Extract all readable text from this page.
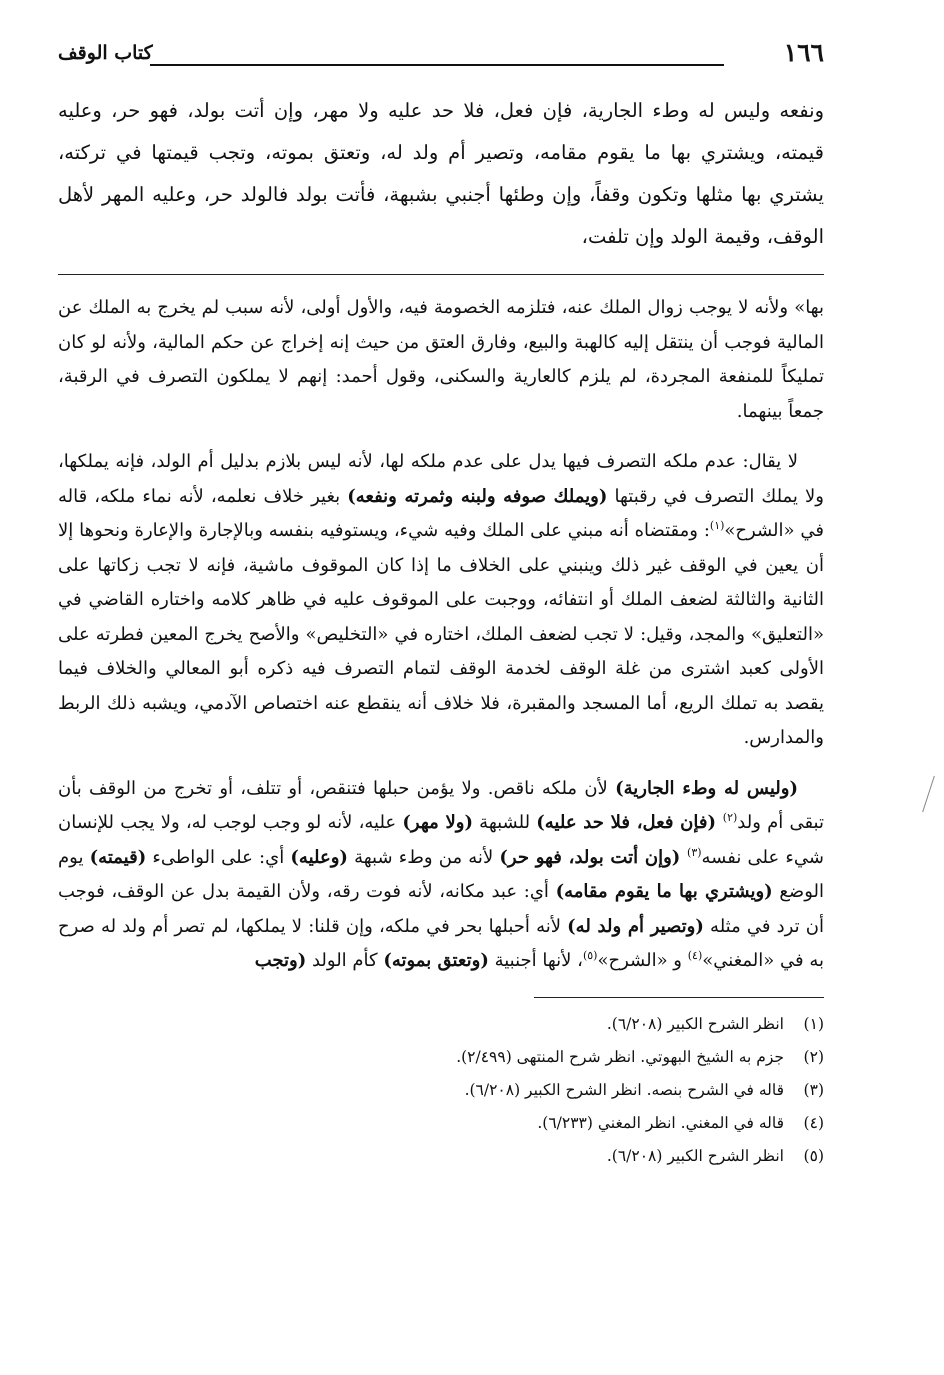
١٦٦
كتاب الوقف

ونفعه وليس له وطء الجارية، فإن فعل، فلا حد عليه ولا مهر، وإن أتت بولد، فهو حر، وعليه قيمته، ويشتري بها ما يقوم مقامه، وتصير أم ولد له، وتعتق بموته، وتجب قيمتها في تركته، يشتري بها مثلها وتكون وقفاً، وإن وطئها أجنبي بشبهة، فأتت بولد فالولد حر، وعليه المهر لأهل الوقف، وقيمة الولد وإن تلفت،

بها» ولأنه لا يوجب زوال الملك عنه، فتلزمه الخصومة فيه، والأول أولى، لأنه سبب لم يخرج به الملك عن المالية فوجب أن ينتقل إليه كالهبة والبيع، وفارق العتق من حيث إنه إخراج عن حكم المالية، ولأنه لو كان تمليكاً للمنفعة المجردة، لم يلزم كالعارية والسكنى، وقول أحمد: إنهم لا يملكون التصرف في الرقبة، جمعاً بينهما.

لا يقال: عدم ملكه التصرف فيها يدل على عدم ملكه لها، لأنه ليس بلازم بدليل أم الولد، فإنه يملكها، ولا يملك التصرف في رقبتها (ويملك صوفه ولبنه وثمرته ونفعه) بغير خلاف نعلمه، لأنه نماء ملكه، قاله في «الشرح»$^{(١)}$: ومقتضاه أنه مبني على الملك وفيه شيء، ويستوفيه بنفسه وبالإجارة والإعارة ونحوها إلا أن يعين في الوقف غير ذلك وينبني على الخلاف ما إذا كان الموقوف ماشية، فإنه لا تجب زكاتها على الثانية والثالثة لضعف الملك أو انتفائه، ووجبت على الموقوف عليه في ظاهر كلامه واختاره القاضي في «التعليق» والمجد، وقيل: لا تجب لضعف الملك، اختاره في «التخليص» والأصح يخرج المعين فطرته على الأولى كعبد اشترى من غلة الوقف لخدمة الوقف لتمام التصرف فيه ذكره أبو المعالي والخلاف فيما يقصد به تملك الريع، أما المسجد والمقبرة، فلا خلاف أنه ينقطع عنه اختصاص الآدمي، ويشبه ذلك الربط والمدارس.

(وليس له وطء الجارية) لأن ملكه ناقص. ولا يؤمن حبلها فتنقص، أو تتلف، أو تخرج من الوقف بأن تبقى أم ولد$^{(٢)}$ (فإن فعل، فلا حد عليه) للشبهة (ولا مهر) عليه، لأنه لو وجب لوجب له، ولا يجب للإنسان شيء على نفسه$^{(٣)}$ (وإن أتت بولد، فهو حر) لأنه من وطء شبهة (وعليه) أي: على الواطىء (قيمته) يوم الوضع (ويشتري بها ما يقوم مقامه) أي: عبد مكانه، لأنه فوت رقه، ولأن القيمة بدل عن الوقف، فوجب أن ترد في مثله (وتصير أم ولد له) لأنه أحبلها بحر في ملكه، وإن قلنا: لا يملكها، لم تصر أم ولد له صرح به في «المغني»$^{(٤)}$ و «الشرح»$^{(٥)}$، لأنها أجنبية (وتعتق بموته) كأم الولد (وتجب

(١)
انظر الشرح الكبير (٦/٢٠٨).
(٢)
جزم به الشيخ البهوتي. انظر شرح المنتهى (٢/٤٩٩).
(٣)
قاله في الشرح بنصه. انظر الشرح الكبير (٦/٢٠٨).
(٤)
قاله في المغني. انظر المغني (٦/٢٣٣).
(٥)
انظر الشرح الكبير (٦/٢٠٨).
